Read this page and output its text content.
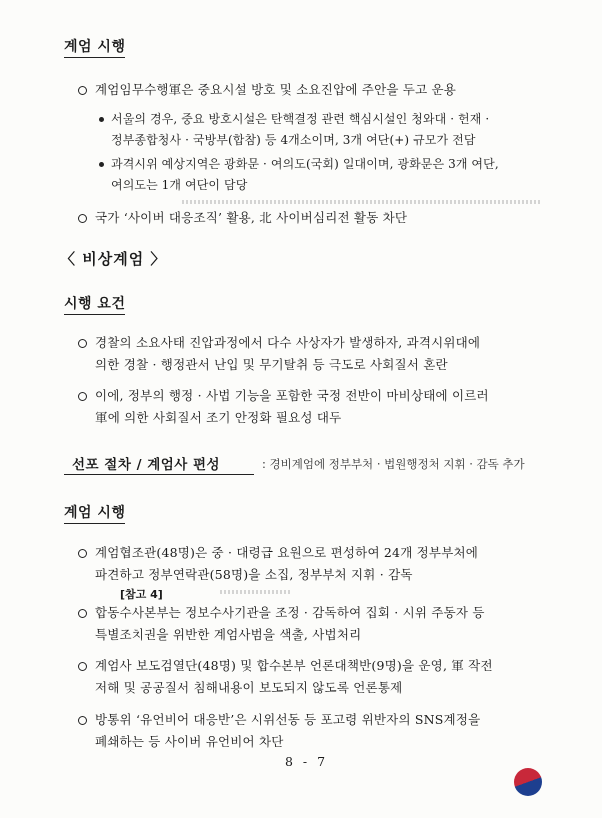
계엄 시행
계엄임무수행軍은 중요시설 방호 및 소요진압에 주안을 두고 운용
서울의 경우, 중요 방호시설은 탄핵결정 관련 핵심시설인 청와대 · 헌재 ·
정부종합청사 · 국방부(합참) 등 4개소이며, 3개 여단(+) 규모가 전담
과격시위 예상지역은 광화문 · 여의도(국회) 일대이며, 광화문은 3개 여단,
여의도는 1개 여단이 담당
국가 ‘사이버 대응조직’ 활용, 北 사이버심리전 활동 차단
〈 비상계엄 〉
시행 요건
경찰의 소요사태 진압과정에서 다수 사상자가 발생하자, 과격시위대에
의한 경찰 · 행정관서 난입 및 무기탈취 등 극도로 사회질서 혼란
이에, 정부의 행정 · 사법 기능을 포함한 국정 전반이 마비상태에 이르러
軍에 의한 사회질서 조기 안정화 필요성 대두
선포 절차 / 계엄사 편성	: 경비계엄에 정부부처 · 법원행정처 지휘 · 감독 추가
계엄 시행
계엄협조관(48명)은 중 · 대령급 요원으로 편성하여 24개 정부부처에
파견하고 정부연락관(58명)을 소집, 정부부처 지휘 · 감독
[참고 4]
합동수사본부는 정보수사기관을 조정 · 감독하여 집회 · 시위 주동자 등
특별조치권을 위반한 계엄사범을 색출, 사법처리
계엄사 보도검열단(48명) 및 합수본부 언론대책반(9명)을 운영, 軍 작전
저해 및 공공질서 침해내용이 보도되지 않도록 언론통제
방통위 ‘유언비어 대응반’은 시위선동 등 포고령 위반자의 SNS계정을
폐쇄하는 등 사이버 유언비어 차단
8 - 7
